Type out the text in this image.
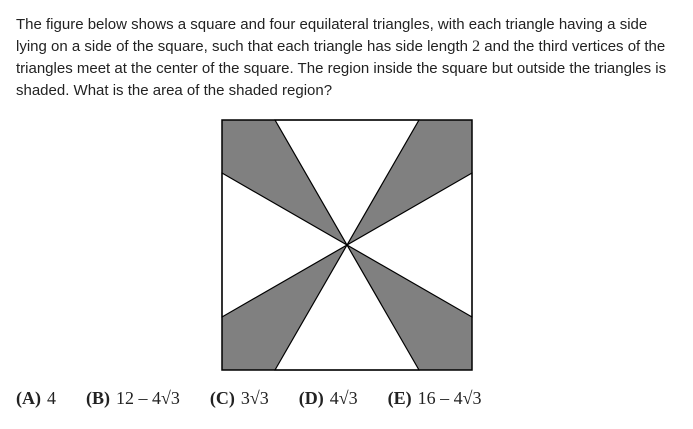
The figure below shows a square and four equilateral triangles, with each triangle having a side lying on a side of the square, such that each triangle has side length 2 and the third vertices of the triangles meet at the center of the square. The region inside the square but outside the triangles is shaded. What is the area of the shaded region?

(A) 4 (B) 12 – 4√3 (C) 3√3 (D) 4√3 (E) 16 – 4√3
